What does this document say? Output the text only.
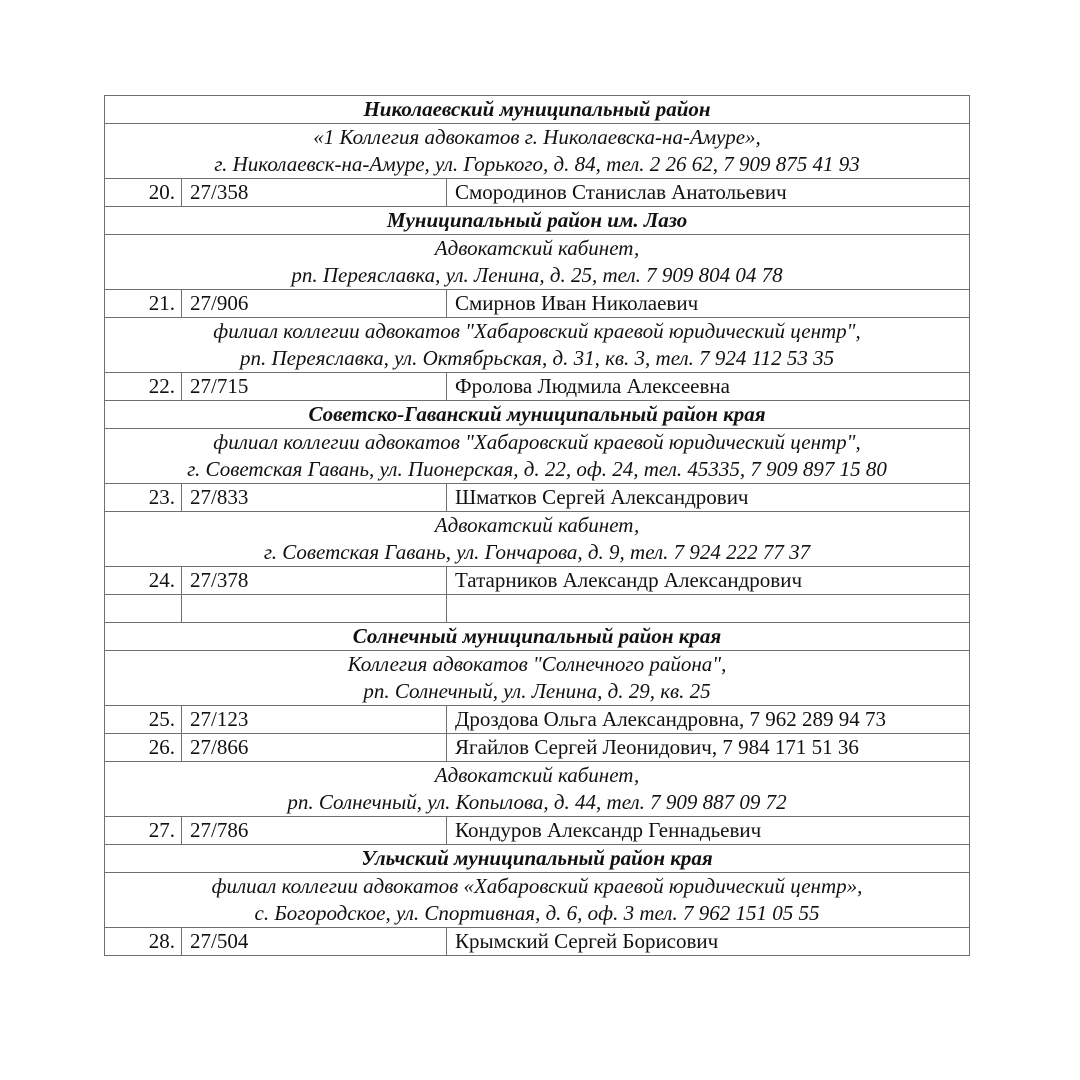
Николаевский муниципальный район		

«1 Коллегия адвокатов г. Николаевска-на-Амуре»,
г. Николаевск-на-Амуре, ул. Горького, д. 84, тел. 2 26 62, 7 909 875 41 93		

20.	27/358	Смородинов Станислав Анатольевич
Муниципальный район им. Лазо		

Адвокатский кабинет,
рп. Переяславка, ул. Ленина, д. 25, тел. 7 909 804 04 78		

21.	27/906	Смирнов Иван Николаевич

филиал коллегии адвокатов "Хабаровский краевой юридический центр",
рп. Переяславка, ул. Октябрьская, д. 31, кв. 3, тел. 7 924 112 53 35		

22.	27/715	Фролова Людмила Алексеевна
Советско-Гаванский муниципальный район края		

филиал коллегии адвокатов "Хабаровский краевой юридический центр",
г. Советская Гавань, ул. Пионерская, д. 22, оф. 24, тел. 45335, 7 909 897 15 80		

23.	27/833	Шматков Сергей Александрович

Адвокатский кабинет,
г. Советская Гавань, ул. Гончарова, д. 9, тел. 7 924 222 77 37		

24.	27/378	Татарников Александр Александрович

Солнечный муниципальный район края		

Коллегия адвокатов "Солнечного района",
рп. Солнечный, ул. Ленина, д. 29, кв. 25		

25.	27/123	Дроздова Ольга Александровна, 7 962 289 94 73
26.	27/866	Ягайлов Сергей Леонидович, 7 984 171 51 36

Адвокатский кабинет,
рп. Солнечный, ул. Копылова, д. 44, тел. 7 909 887 09 72		

27.	27/786	Кондуров Александр Геннадьевич
Ульчский муниципальный район края		

филиал коллегии адвокатов «Хабаровский краевой юридический центр»,
с. Богородское, ул. Спортивная, д. 6, оф. 3 тел. 7 962 151 05 55		

28.	27/504	Крымский Сергей Борисович
